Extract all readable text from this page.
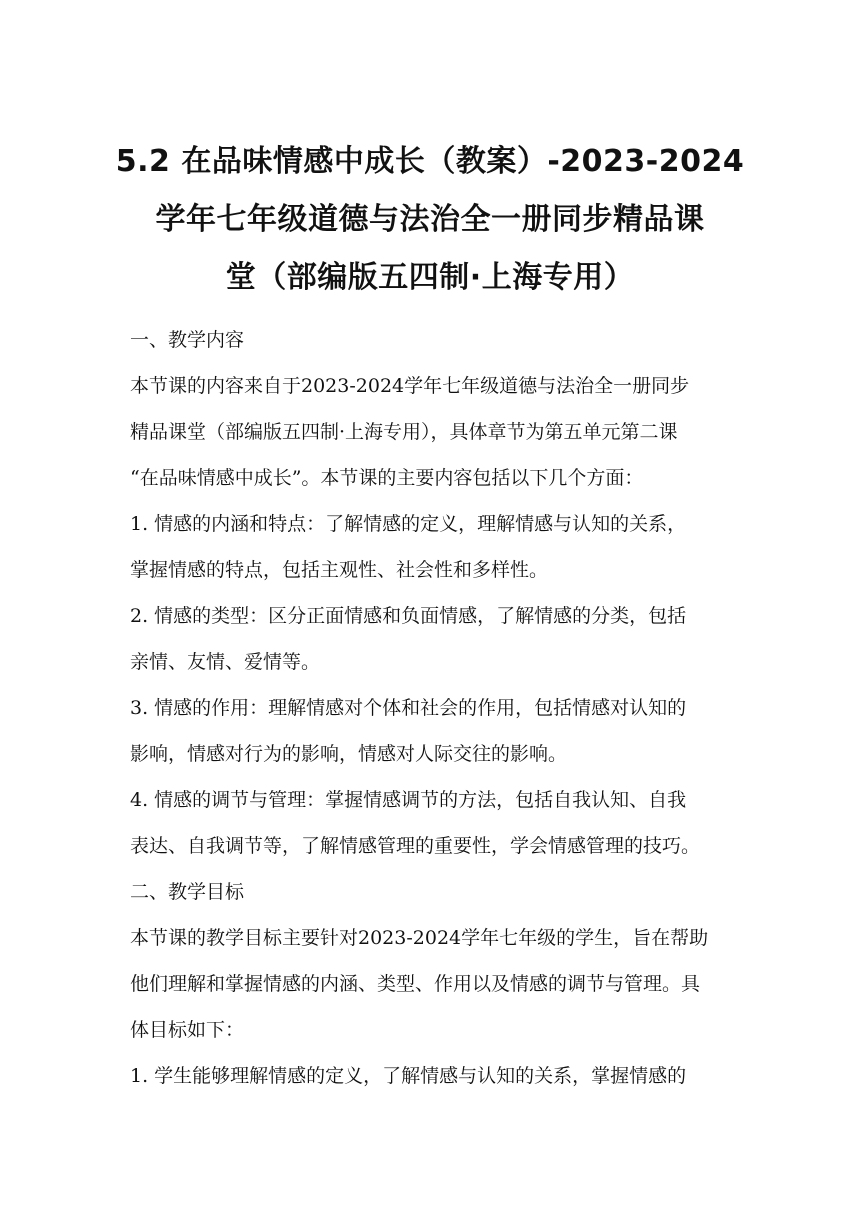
5.2 在品味情感中成长（教案）-2023-2024
学年七年级道德与法治全一册同步精品课
堂（部编版五四制·上海专用）
一、教学内容
本节课的内容来自于2023-2024学年七年级道德与法治全一册同步
精品课堂（部编版五四制·上海专用），具体章节为第五单元第二课
“在品味情感中成长”。本节课的主要内容包括以下几个方面：
1. 情感的内涵和特点：了解情感的定义，理解情感与认知的关系，
掌握情感的特点，包括主观性、社会性和多样性。
2. 情感的类型：区分正面情感和负面情感，了解情感的分类，包括
亲情、友情、爱情等。
3. 情感的作用：理解情感对个体和社会的作用，包括情感对认知的
影响，情感对行为的影响，情感对人际交往的影响。
4. 情感的调节与管理：掌握情感调节的方法，包括自我认知、自我
表达、自我调节等，了解情感管理的重要性，学会情感管理的技巧。
二、教学目标
本节课的教学目标主要针对2023-2024学年七年级的学生，旨在帮助
他们理解和掌握情感的内涵、类型、作用以及情感的调节与管理。具
体目标如下：
1. 学生能够理解情感的定义，了解情感与认知的关系，掌握情感的
